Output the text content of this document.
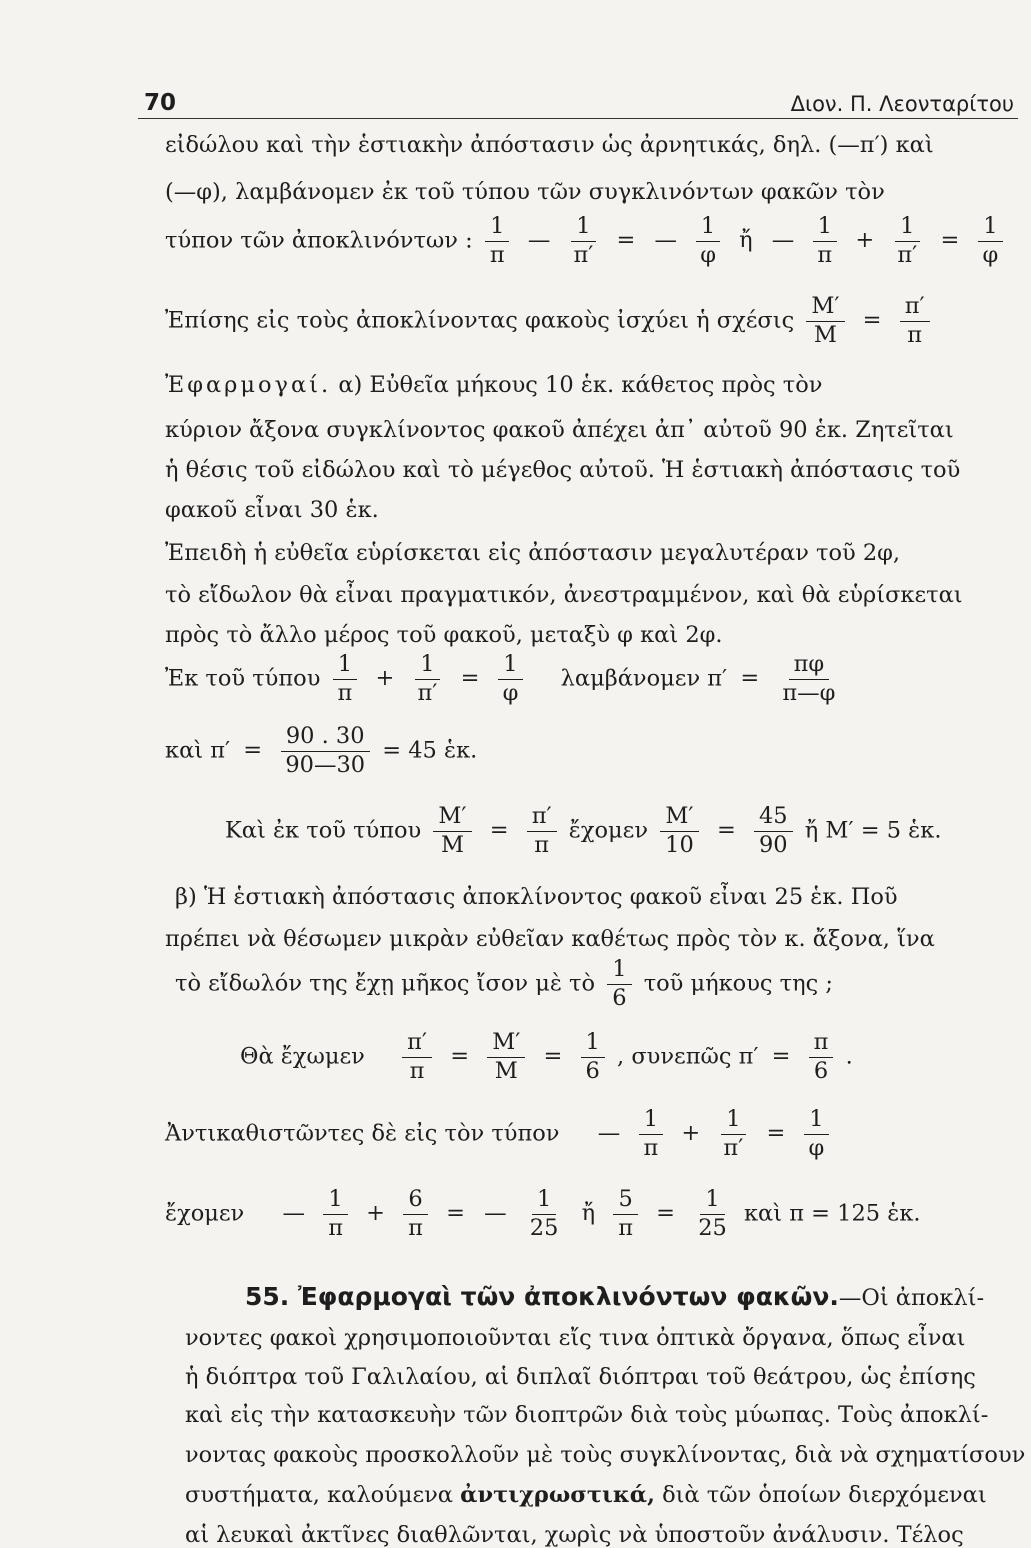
70	Διον. Π. Λεονταρίτου
εἰδώλου καὶ τὴν ἑστιακὴν ἀπόστασιν ὡς ἀρνητικάς, δηλ. (—π′) καὶ
(—φ), λαμβάνομεν ἐκ τοῦ τύπου τῶν συγκλινόντων φακῶν τὸν
τύπον τῶν ἀποκλινόντων : $\frac{1}{\pi}$ — $\frac{1}{\pi'}$ = — $\frac{1}{\varphi}$ ἤ — $\frac{1}{\pi} + \frac{1}{\pi'} = \frac{1}{\varphi}$
Ἐπίσης εἰς τοὺς ἀποκλίνοντας φακοὺς ἰσχύει ἡ σχέσις $\frac{M'}{M} = \frac{\pi'}{\pi}$
Ἐφαρμογαί. α) Εὐθεῖα μήκους 10 ἑκ. κάθετος πρὸς τὸν
κύριον ἄξονα συγκλίνοντος φακοῦ ἀπέχει ἀπ᾽ αὐτοῦ 90 ἑκ. Ζητεῖται
ἡ θέσις τοῦ εἰδώλου καὶ τὸ μέγεθος αὐτοῦ. Ἡ ἑστιακὴ ἀπόστασις τοῦ
φακοῦ εἶναι 30 ἑκ.
Ἐπειδὴ ἡ εὐθεῖα εὑρίσκεται εἰς ἀπόστασιν μεγαλυτέραν τοῦ 2φ,
τὸ εἴδωλον θὰ εἶναι πραγματικόν, ἀνεστραμμένον, καὶ θὰ εὑρίσκεται
πρὸς τὸ ἄλλο μέρος τοῦ φακοῦ, μεταξὺ φ καὶ 2φ.
Ἐκ τοῦ τύπου $\frac{1}{\pi} + \frac{1}{\pi'} = \frac{1}{\varphi}$ λαμβάνομεν $\pi' = \frac{\pi\varphi}{\pi—\varphi}$
καὶ $\pi' = \frac{90 . 30}{90—30} = 45$ ἑκ.
Καὶ ἐκ τοῦ τύπου $\frac{M'}{M} = \frac{\pi'}{\pi}$ ἔχομεν $\frac{M'}{10} = \frac{45}{90}$ ἤ M′ = 5 ἑκ.
β) Ἡ ἑστιακὴ ἀπόστασις ἀποκλίνοντος φακοῦ εἶναι 25 ἑκ. Ποῦ
πρέπει νὰ θέσωμεν μικρὰν εὐθεῖαν καθέτως πρὸς τὸν κ. ἄξονα, ἵνα
τὸ εἴδωλόν της ἔχῃ μῆκος ἴσον μὲ τὸ $\frac{1}{6}$ τοῦ μήκους της ;
Θὰ ἔχωμεν $\frac{\pi'}{\pi} = \frac{M'}{M} = \frac{1}{6}$ , συνεπῶς $\pi' = \frac{\pi}{6}$ .
Ἀντικαθιστῶντες δὲ εἰς τὸν τύπον — $\frac{1}{\pi} + \frac{1}{\pi'} = \frac{1}{\varphi}$
ἔχομεν — $\frac{1}{\pi} + \frac{6}{\pi}$ = — $\frac{1}{25}$ ἤ $\frac{5}{\pi} = \frac{1}{25}$ καὶ π = 125 ἑκ.
55. Ἐφαρμογαὶ τῶν ἀποκλινόντων φακῶν.—Οἱ ἀποκλί-
νοντες φακοὶ χρησιμοποιοῦνται εἴς τινα ὀπτικὰ ὄργανα, ὅπως εἶναι
ἡ διόπτρα τοῦ Γαλιλαίου, αἱ διπλαῖ διόπτραι τοῦ θεάτρου, ὡς ἐπίσης
καὶ εἰς τὴν κατασκευὴν τῶν διοπτρῶν διὰ τοὺς μύωπας. Τοὺς ἀποκλί-
νοντας φακοὺς προσκολλοῦν μὲ τοὺς συγκλίνοντας, διὰ νὰ σχηματίσουν
συστήματα, καλούμενα ἀντιχρωστικά, διὰ τῶν ὁποίων διερχόμεναι
αἱ λευκαὶ ἀκτῖνες διαθλῶνται, χωρὶς νὰ ὑποστοῦν ἀνάλυσιν. Τέλος
